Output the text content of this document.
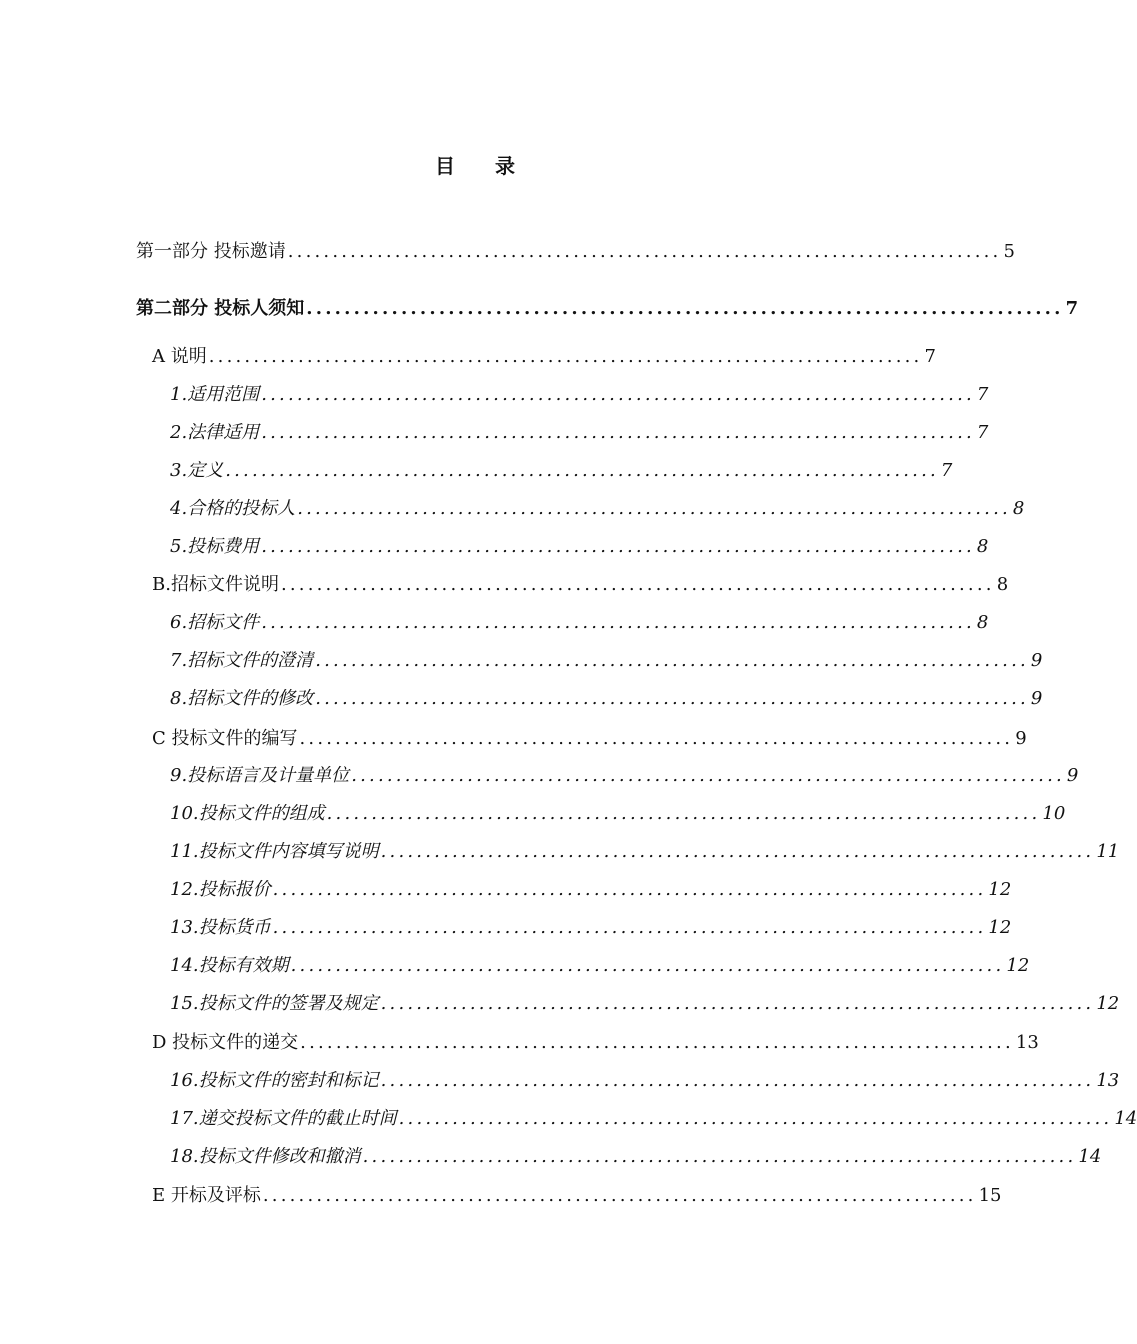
目 录
第一部分 投标邀请 ................................................................................ 5
第二部分 投标人须知 ................................................................................ 7
A 说明 ................................................................................ 7
1.适用范围 ................................................................................ 7
2.法律适用 ................................................................................ 7
3.定义 ................................................................................ 7
4.合格的投标人 ................................................................................ 8
5.投标费用 ................................................................................ 8
B.招标文件说明 ................................................................................ 8
6.招标文件 ................................................................................ 8
7.招标文件的澄清 ................................................................................ 9
8.招标文件的修改 ................................................................................ 9
C 投标文件的编写 ................................................................................ 9
9.投标语言及计量单位 ................................................................................ 9
10.投标文件的组成 ................................................................................ 10
11.投标文件内容填写说明 ................................................................................ 11
12.投标报价 ................................................................................ 12
13.投标货币 ................................................................................ 12
14.投标有效期 ................................................................................ 12
15.投标文件的签署及规定 ................................................................................ 12
D 投标文件的递交 ................................................................................ 13
16.投标文件的密封和标记 ................................................................................ 13
17.递交投标文件的截止时间 ................................................................................ 14
18.投标文件修改和撤消 ................................................................................ 14
E 开标及评标 ................................................................................ 15
